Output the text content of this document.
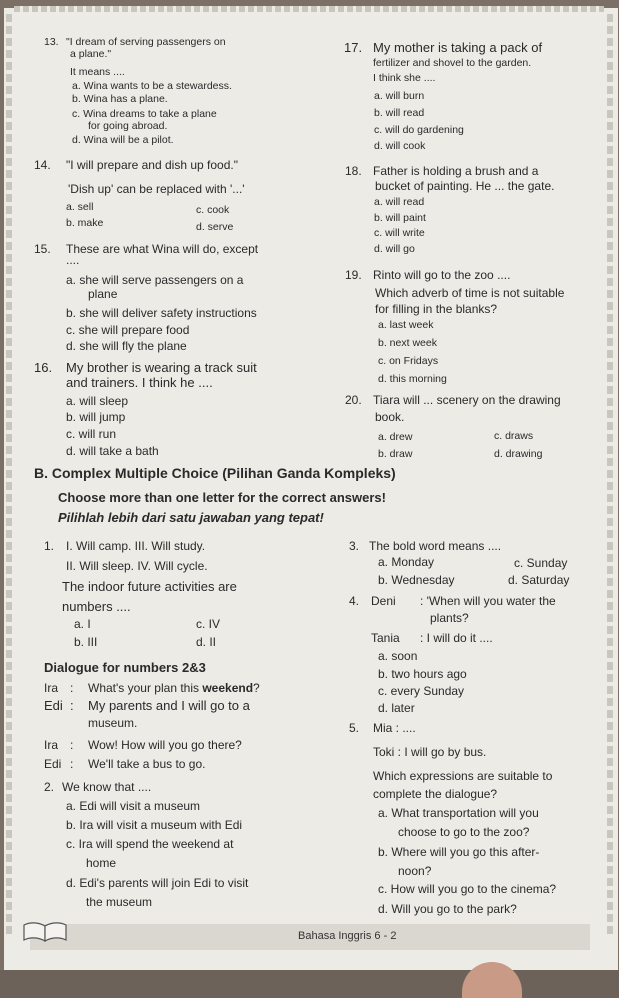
13. "I dream of serving passengers on
a plane."
It means ....
a. Wina wants to be a stewardess.
b. Wina has a plane.
c. Wina dreams to take a plane
for going abroad.
d. Wina will be a pilot.
14. "I will prepare and dish up food."
'Dish up' can be replaced with '...'
a. sell	c. cook
b. make	d. serve
15. These are what Wina will do, except
....
a. she will serve passengers on a
plane
b. she will deliver safety instructions
c. she will prepare food
d. she will fly the plane
16. My brother is wearing a track suit
and trainers. I think he ....
a. will sleep
b. will jump
c. will run
d. will take a bath
17. My mother is taking a pack of
fertilizer and shovel to the garden.
I think she ....
a. will burn
b. will read
c. will do gardening
d. will cook
18. Father is holding a brush and a
bucket of painting. He ... the gate.
a. will read
b. will paint
c. will write
d. will go
19. Rinto will go to the zoo ....
Which adverb of time is not suitable
for filling in the blanks?
a. last week
b. next week
c. on Fridays
d. this morning
20. Tiara will ... scenery on the drawing
book.
a. drew	c. draws
b. draw	d. drawing
B. Complex Multiple Choice (Pilihan Ganda Kompleks)
Choose more than one letter for the correct answers!
Pilihlah lebih dari satu jawaban yang tepat!
1. I. Will camp. III. Will study.
II. Will sleep. IV. Will cycle.
The indoor future activities are
numbers ....
a. I	c. IV
b. III	d. II
Dialogue for numbers 2&3
Ira : What's your plan this weekend?
Edi : My parents and I will go to a
museum.
Ira : Wow! How will you go there?
Edi : We'll take a bus to go.
2. We know that ....
a. Edi will visit a museum
b. Ira will visit a museum with Edi
c. Ira will spend the weekend at
home
d. Edi's parents will join Edi to visit
the museum
3. The bold word means ....
a. Monday	c. Sunday
b. Wednesday	d. Saturday
4. Deni : 'When will you water the
plants?
Tania : I will do it ....
a. soon
b. two hours ago
c. every Sunday
d. later
5. Mia : ....
Toki : I will go by bus.
Which expressions are suitable to
complete the dialogue?
a. What transportation will you
choose to go to the zoo?
b. Where will you go this after-
noon?
c. How will you go to the cinema?
d. Will you go to the park?
Bahasa Inggris 6 - 2
